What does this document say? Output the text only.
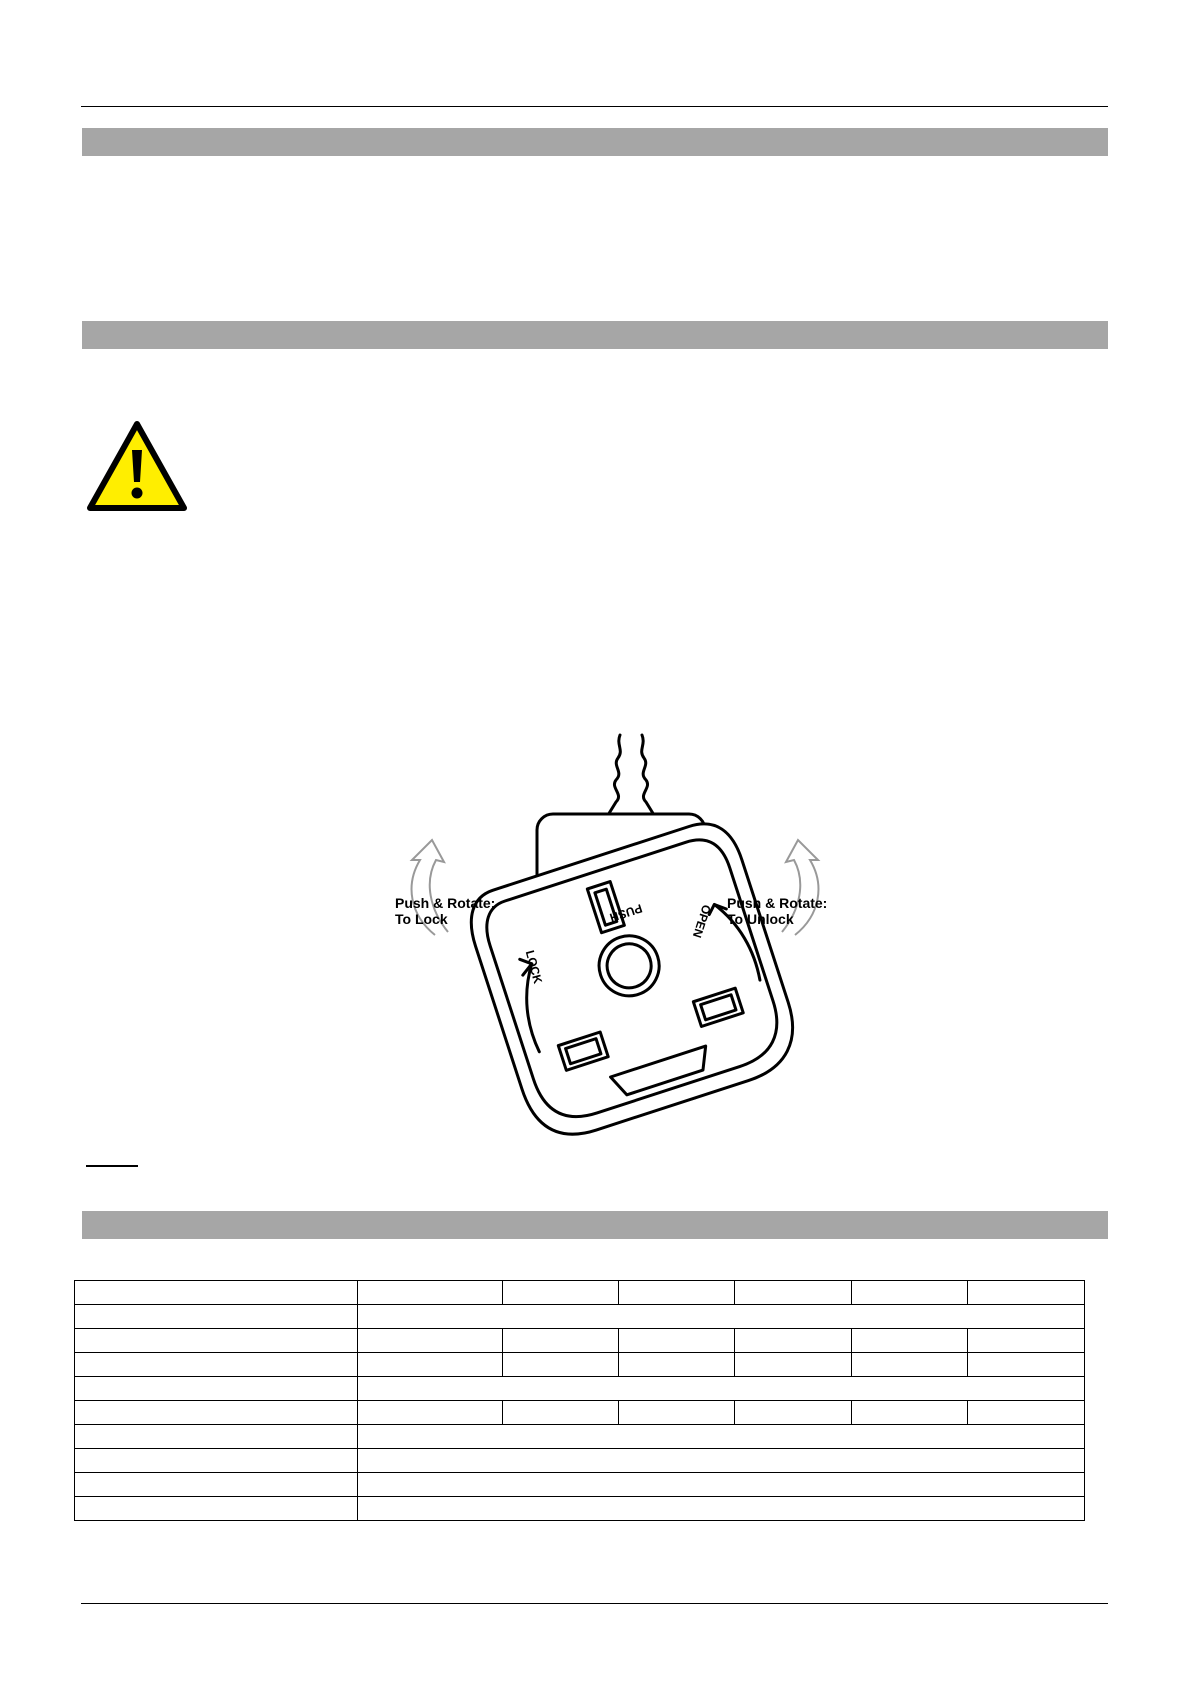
PUSH
LOCK
OPEN
Push & Rotate:
To Lock
Push & Rotate:
To Unlock
